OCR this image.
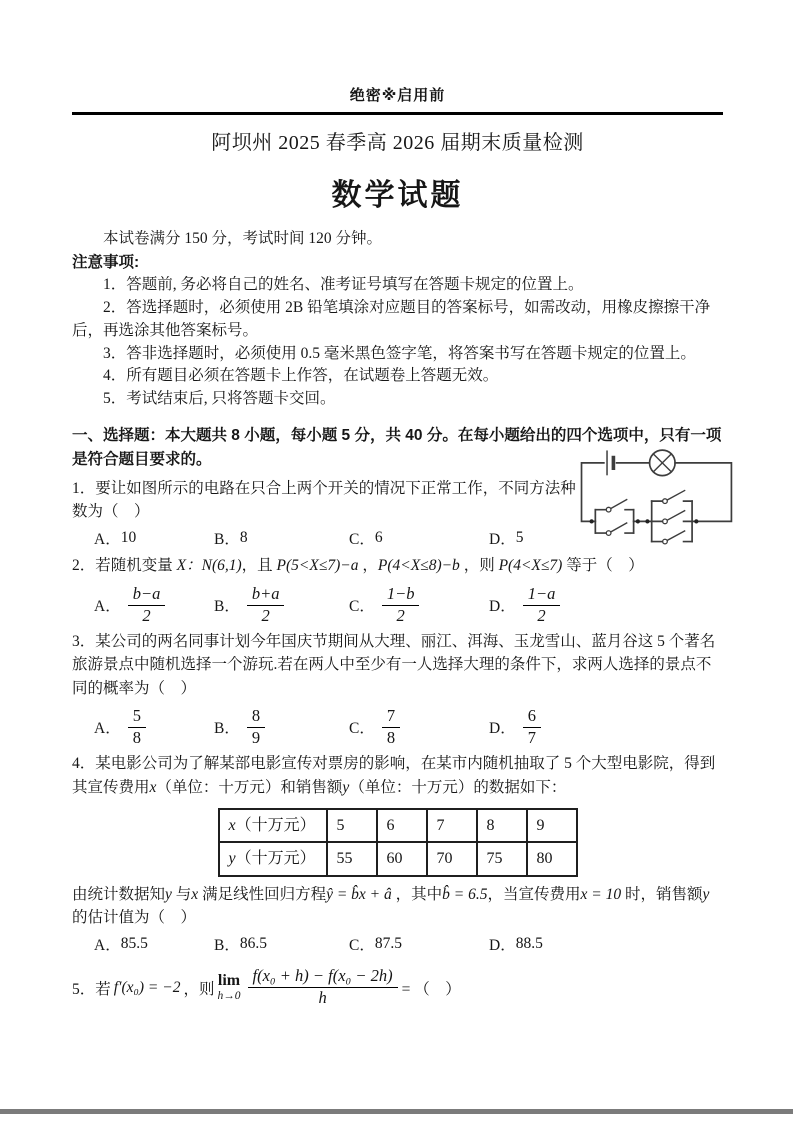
绝密※启用前
阿坝州 2025 春季高 2026 届期末质量检测
数学试题

本试卷满分 150 分，考试时间 120 分钟。

注意事项:

1．答题前, 务必将自己的姓名、准考证号填写在答题卡规定的位置上。

2．答选择题时，必须使用 2B 铅笔填涂对应题目的答案标号，如需改动，用橡皮擦擦干净后，再选涂其他答案标号。

3．答非选择题时，必须使用 0.5 毫米黑色签字笔，将答案书写在答题卡规定的位置上。

4．所有题目必须在答题卡上作答，在试题卷上答题无效。

5．考试结束后, 只将答题卡交回。

一、选择题：本大题共 8 小题，每小题 5 分，共 40 分。在每小题给出的四个选项中，只有一项是符合题目要求的。

1．要让如图所示的电路在只合上两个开关的情况下正常工作，不同方法种数为（　）

A． 10	B． 8	C． 6	D． 5

2．若随机变量 X：N(6,1)，且 P(5<X≤7)−a ，P(4<X≤8)−b ，则 P(4<X≤7) 等于（　）

A． $\frac{b-a}{2}$	B． $\frac{b+a}{2}$	C． $\frac{1-b}{2}$	D． $\frac{1-a}{2}$

3．某公司的两名同事计划今年国庆节期间从大理、丽江、洱海、玉龙雪山、蓝月谷这 5 个著名旅游景点中随机选择一个游玩.若在两人中至少有一人选择大理的条件下，求两人选择的景点不同的概率为（　）

A． $\frac{5}{8}$	B． $\frac{8}{9}$	C． $\frac{7}{8}$	D． $\frac{6}{7}$

4．某电影公司为了解某部电影宣传对票房的影响，在某市内随机抽取了 5 个大型电影院，得到其宣传费用x（单位：十万元）和销售额y（单位：十万元）的数据如下：

x（十万元）	5	6	7	8	9
y（十万元）	55	60	70	75	80

由统计数据知y 与x 满足线性回归方程ŷ = b̂x + â ，其中b̂ = 6.5，当宣传费用x = 10 时，销售额y 的估计值为（　）

A． 85.5	B． 86.5	C． 87.5	D． 88.5
5．若 f′(x₀) = −2 ，则
lim
$h\to 0 \frac{\text{f(x₀ + h) − f(x₀ − 2h)}}{h}$ = （　）
